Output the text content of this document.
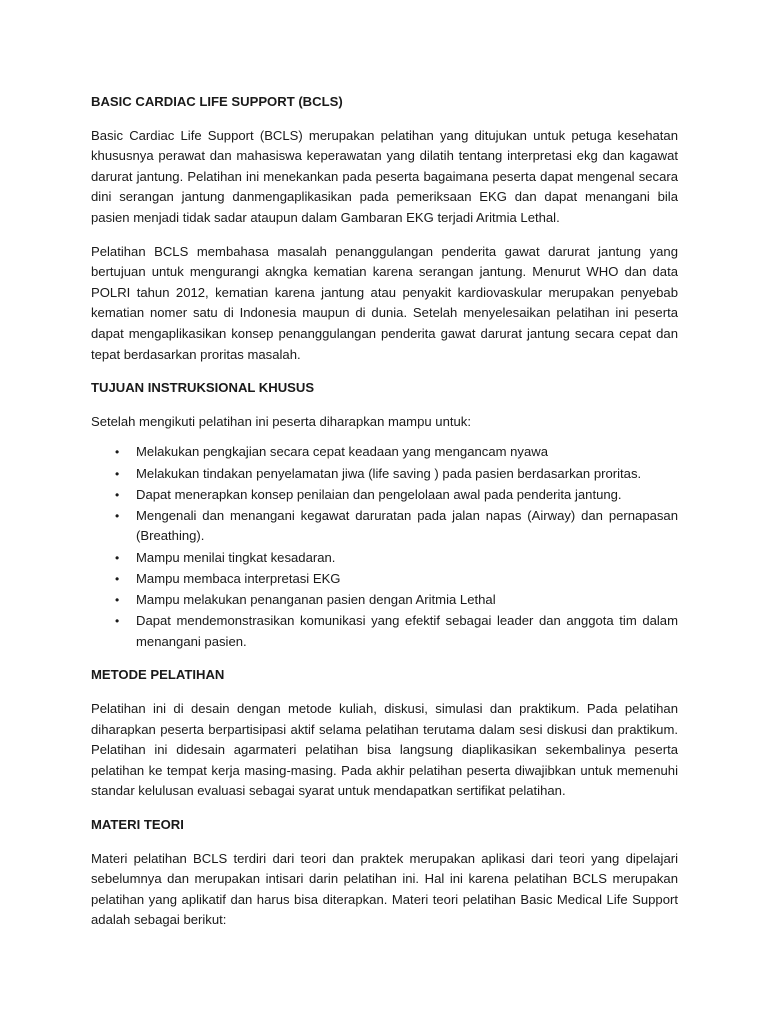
BASIC CARDIAC LIFE SUPPORT (BCLS)

Basic Cardiac Life Support (BCLS) merupakan pelatihan yang ditujukan untuk petuga kesehatan khususnya perawat dan mahasiswa keperawatan yang dilatih tentang interpretasi ekg dan kagawat darurat jantung. Pelatihan ini menekankan pada peserta bagaimana peserta dapat mengenal secara dini serangan jantung danmengaplikasikan pada pemeriksaan EKG dan dapat menangani bila pasien menjadi tidak sadar ataupun dalam Gambaran EKG terjadi Aritmia Lethal.

Pelatihan BCLS membahasa masalah penanggulangan penderita gawat darurat jantung yang bertujuan untuk mengurangi akngka kematian karena serangan jantung. Menurut WHO dan data POLRI tahun 2012, kematian karena jantung atau penyakit kardiovaskular merupakan penyebab kematian nomer satu di Indonesia maupun di dunia. Setelah menyelesaikan pelatihan ini peserta dapat mengaplikasikan konsep penanggulangan penderita gawat darurat jantung secara cepat dan tepat berdasarkan proritas masalah.

TUJUAN INSTRUKSIONAL KHUSUS

Setelah mengikuti pelatihan ini peserta diharapkan mampu untuk:

• Melakukan pengkajian secara cepat keadaan yang mengancam nyawa
• Melakukan tindakan penyelamatan jiwa (life saving ) pada pasien berdasarkan proritas.
• Dapat menerapkan konsep penilaian dan pengelolaan awal pada penderita jantung.
• Mengenali dan menangani kegawat daruratan pada jalan napas (Airway) dan pernapasan (Breathing).
• Mampu menilai tingkat kesadaran.
• Mampu membaca interpretasi EKG
• Mampu melakukan penanganan pasien dengan Aritmia Lethal
• Dapat mendemonstrasikan komunikasi yang efektif sebagai leader dan anggota tim dalam menangani pasien.
METODE PELATIHAN

Pelatihan ini di desain dengan metode kuliah, diskusi, simulasi dan praktikum. Pada pelatihan diharapkan peserta berpartisipasi aktif selama pelatihan terutama dalam sesi diskusi dan praktikum. Pelatihan ini didesain agarmateri pelatihan bisa langsung diaplikasikan sekembalinya peserta pelatihan ke tempat kerja masing-masing. Pada akhir pelatihan peserta diwajibkan untuk memenuhi standar kelulusan evaluasi sebagai syarat untuk mendapatkan sertifikat pelatihan.

MATERI TEORI

Materi pelatihan BCLS terdiri dari teori dan praktek merupakan aplikasi dari teori yang dipelajari sebelumnya dan merupakan intisari darin pelatihan ini. Hal ini karena pelatihan BCLS merupakan pelatihan yang aplikatif dan harus bisa diterapkan. Materi teori pelatihan Basic Medical Life Support adalah sebagai berikut:
